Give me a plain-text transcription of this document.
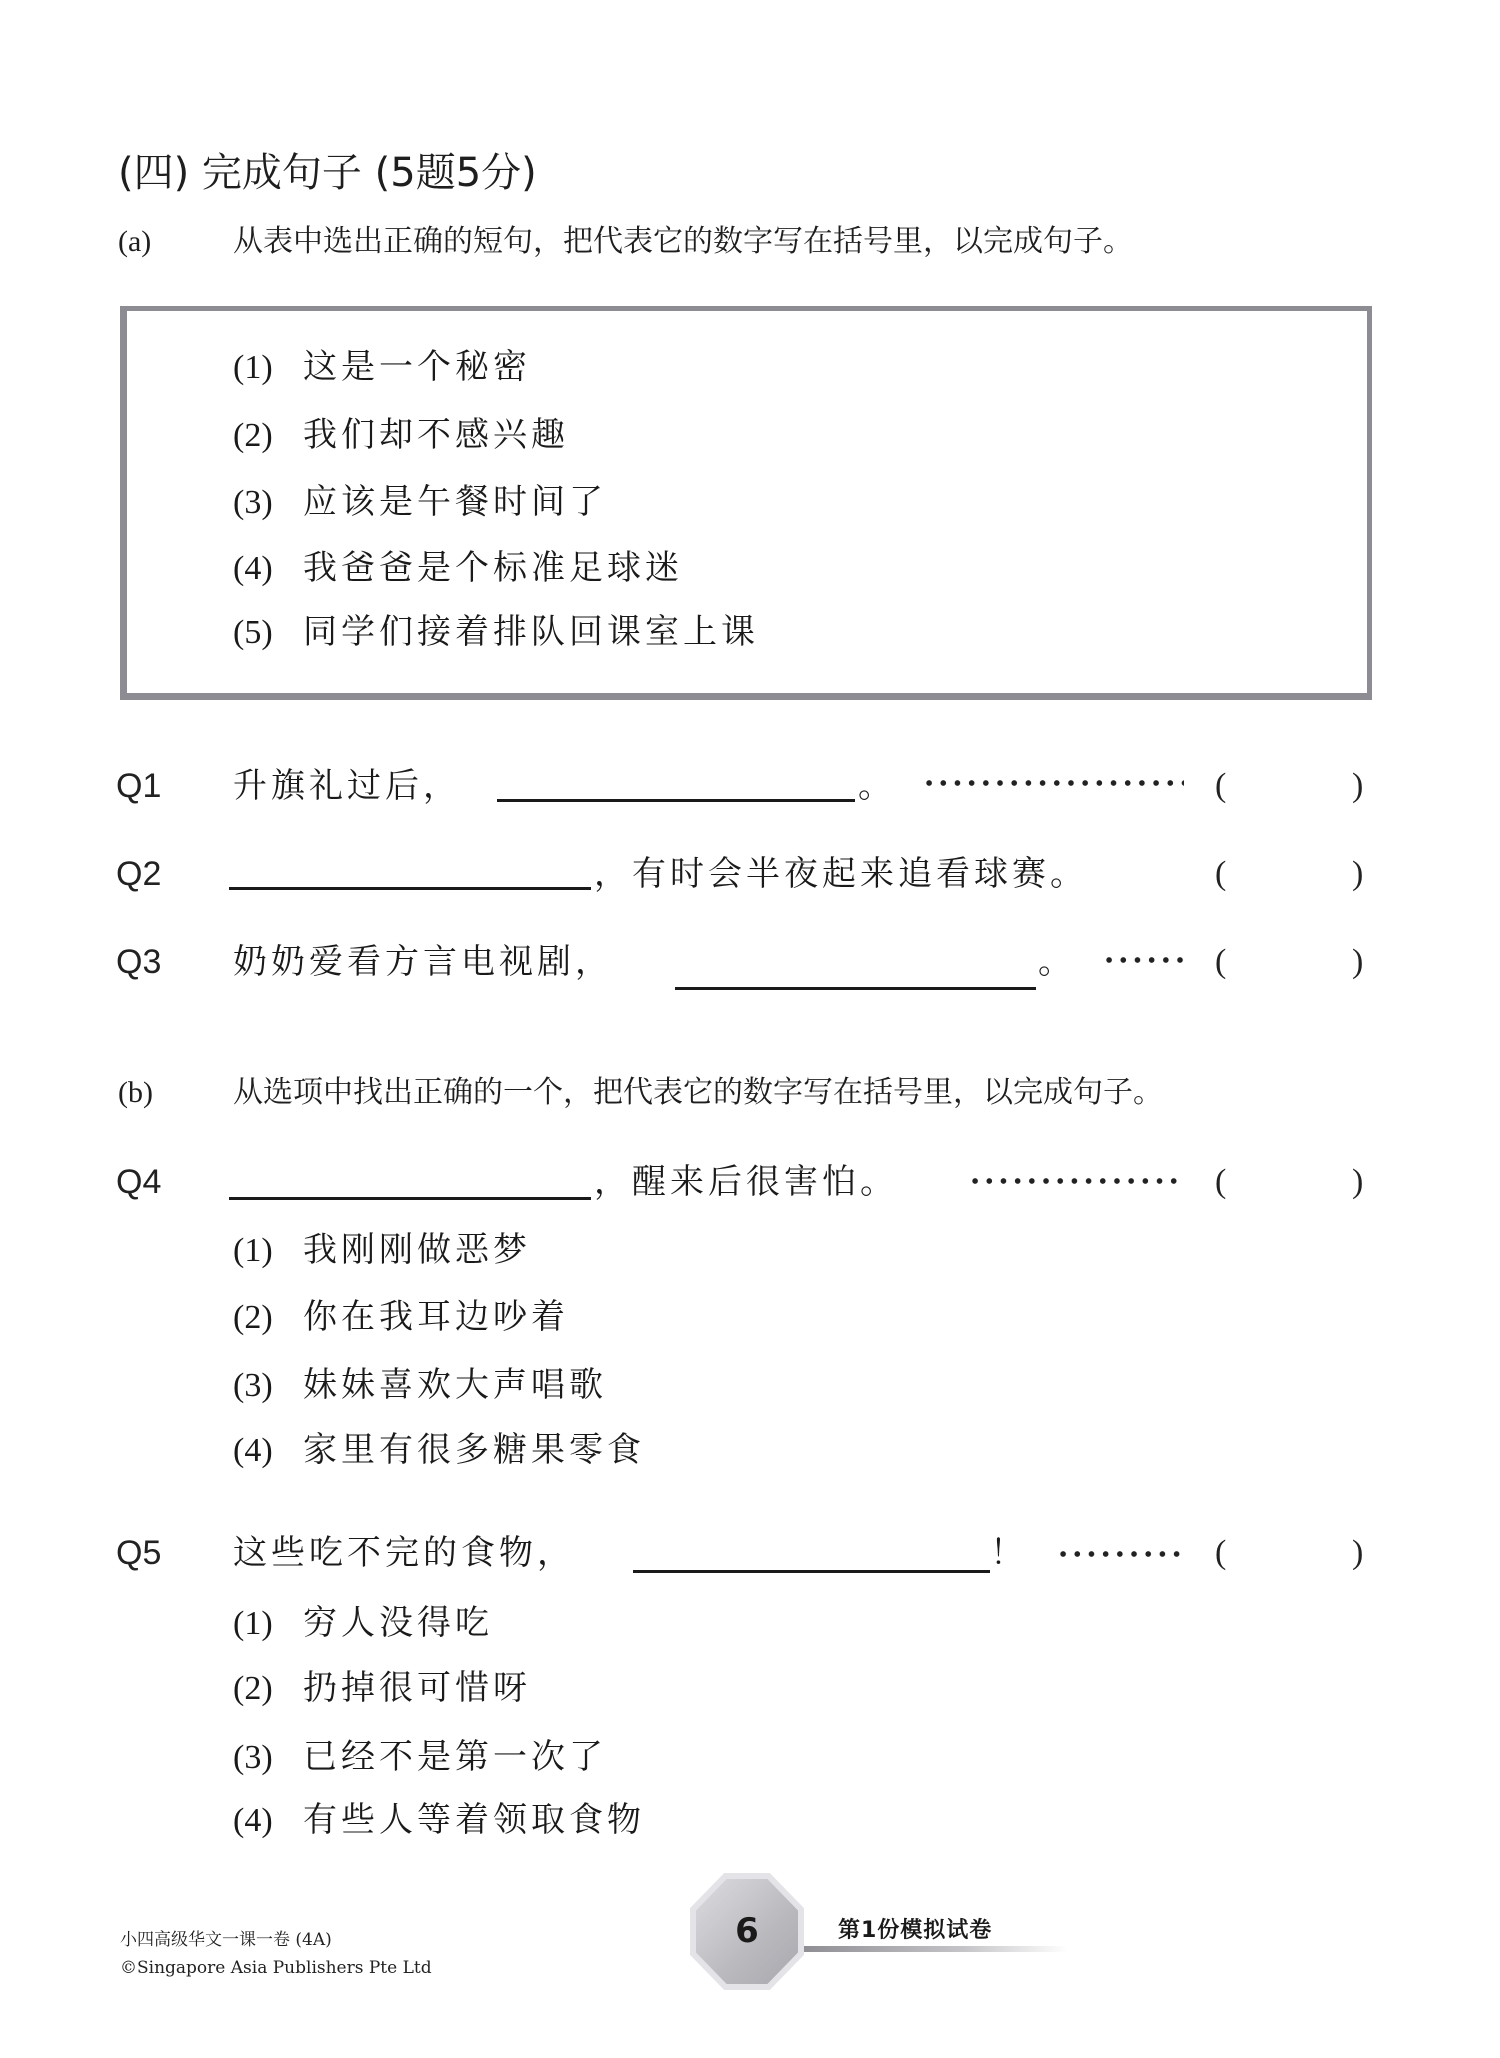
(四) 完成句子 (5题5分)
(a)	从表中选出正确的短句，把代表它的数字写在括号里，以完成句子。
(1) 这是一个秘密
(2) 我们却不感兴趣
(3) 应该是午餐时间了
(4) 我爸爸是个标准足球迷
(5) 同学们接着排队回课室上课
Q1 升旗礼过后，	。	(	)
Q2	，有时会半夜起来追看球赛。	(	)
Q3 奶奶爱看方言电视剧，	。	(	)
(b)	从选项中找出正确的一个，把代表它的数字写在括号里，以完成句子。
Q4	，醒来后很害怕。	(	)
(1) 我刚刚做恶梦
(2) 你在我耳边吵着
(3) 妹妹喜欢大声唱歌
(4) 家里有很多糖果零食
Q5 这些吃不完的食物，	！	(	)
(1) 穷人没得吃
(2) 扔掉很可惜呀
(3) 已经不是第一次了
(4) 有些人等着领取食物
小四高级华文一课一卷 (4A)
©Singapore Asia Publishers Pte Ltd
6	第1份模拟试卷
